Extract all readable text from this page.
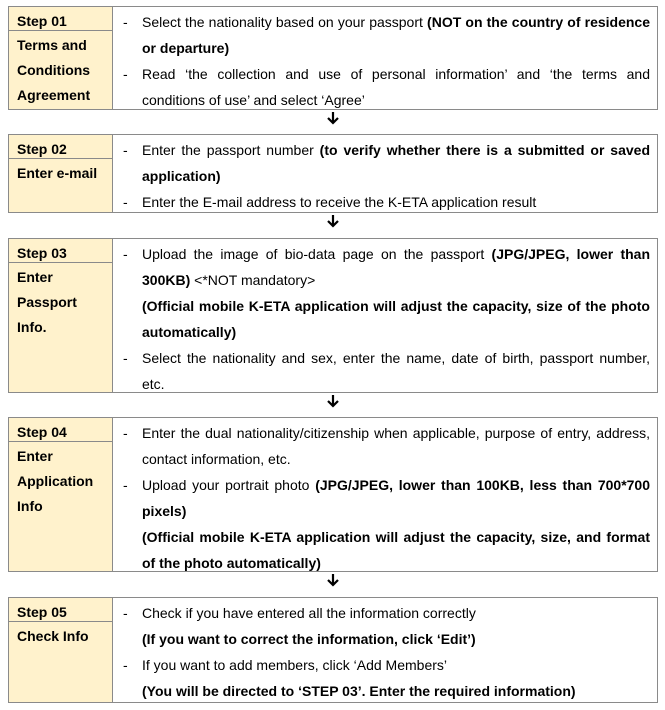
Step 01
Terms and
Conditions
Agreement
-	Select the nationality based on your passport (NOT on the country of residence or departure)
-	Read ‘the collection and use of personal information’ and ‘the terms and conditions of use’ and select ‘Agree’
Step 02
Enter e-mail
-	Enter the passport number (to verify whether there is a submitted or saved application)
-	Enter the E-mail address to receive the K-ETA application result
Step 03
Enter
Passport
Info.
-	Upload the image of bio-data page on the passport (JPG/JPEG, lower than 300KB) <*NOT mandatory>
(Official mobile K-ETA application will adjust the capacity, size of the photo automatically)
-	Select the nationality and sex, enter the name, date of birth, passport number, etc.
Step 04
Enter
Application
Info
-	Enter the dual nationality/citizenship when applicable, purpose of entry, address, contact information, etc.
-	Upload your portrait photo (JPG/JPEG, lower than 100KB, less than 700*700 pixels)
(Official mobile K-ETA application will adjust the capacity, size, and format of the photo automatically)
Step 05
Check Info
-	Check if you have entered all the information correctly
(If you want to correct the information, click ‘Edit’)
-	If you want to add members, click ‘Add Members’
(You will be directed to ‘STEP 03’. Enter the required information)
